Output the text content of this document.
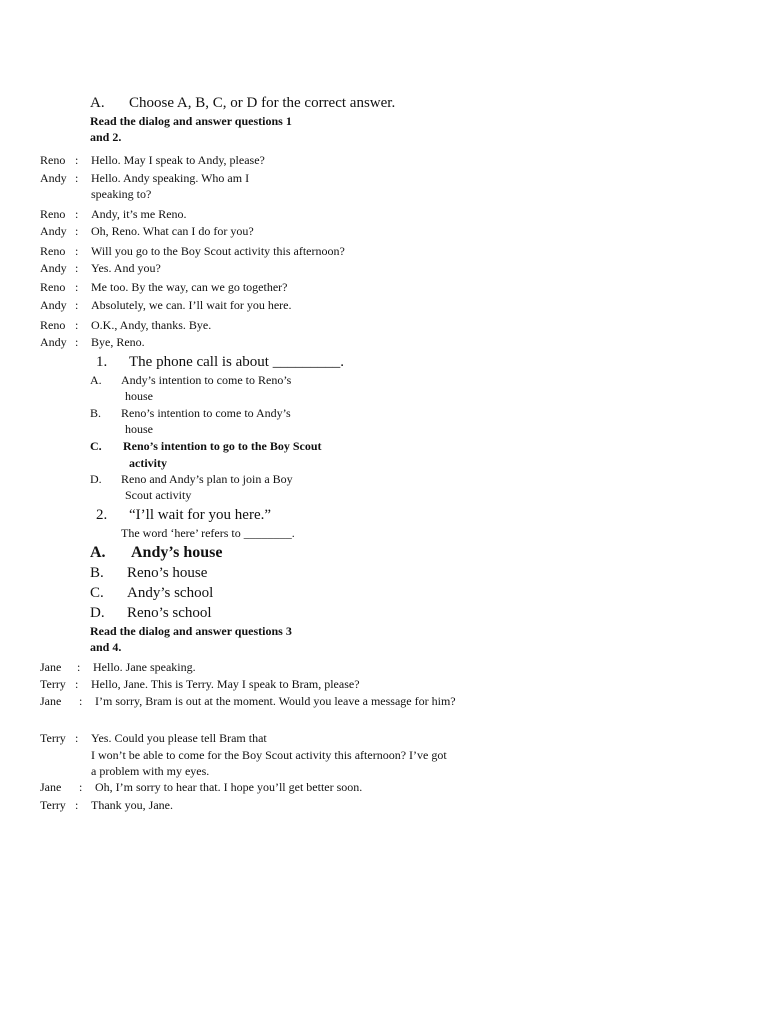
A. Choose A, B, C, or D for the correct answer.
Read the dialog and answer questions 1
and 2.
Reno : Hello. May I speak to Andy, please?
Andy : Hello. Andy speaking. Who am I
speaking to?
Reno : Andy, it’s me Reno.
Andy : Oh, Reno. What can I do for you?
Reno : Will you go to the Boy Scout activity this afternoon?
Andy : Yes. And you?
Reno : Me too. By the way, can we go together?
Andy : Absolutely, we can. I’ll wait for you here.
Reno : O.K., Andy, thanks. Bye.
Andy : Bye, Reno.
1. The phone call is about _________.
A. Andy’s intention to come to Reno’s
house
B. Reno’s intention to come to Andy’s
house
C. Reno’s intention to go to the Boy Scout
activity
D. Reno and Andy’s plan to join a Boy
Scout activity
2. “I’ll wait for you here.”
The word ‘here’ refers to ________.
A. Andy’s house
B. Reno’s house
C. Andy’s school
D. Reno’s school
Read the dialog and answer questions 3
and 4.
Jane : Hello. Jane speaking.
Terry : Hello, Jane. This is Terry. May I speak to Bram, please?
Jane : I’m sorry, Bram is out at the moment. Would you leave a message for him?
Terry : Yes. Could you please tell Bram that
I won’t be able to come for the Boy Scout activity this afternoon? I’ve got
a problem with my eyes.
Jane : Oh, I’m sorry to hear that. I hope you’ll get better soon.
Terry : Thank you, Jane.
